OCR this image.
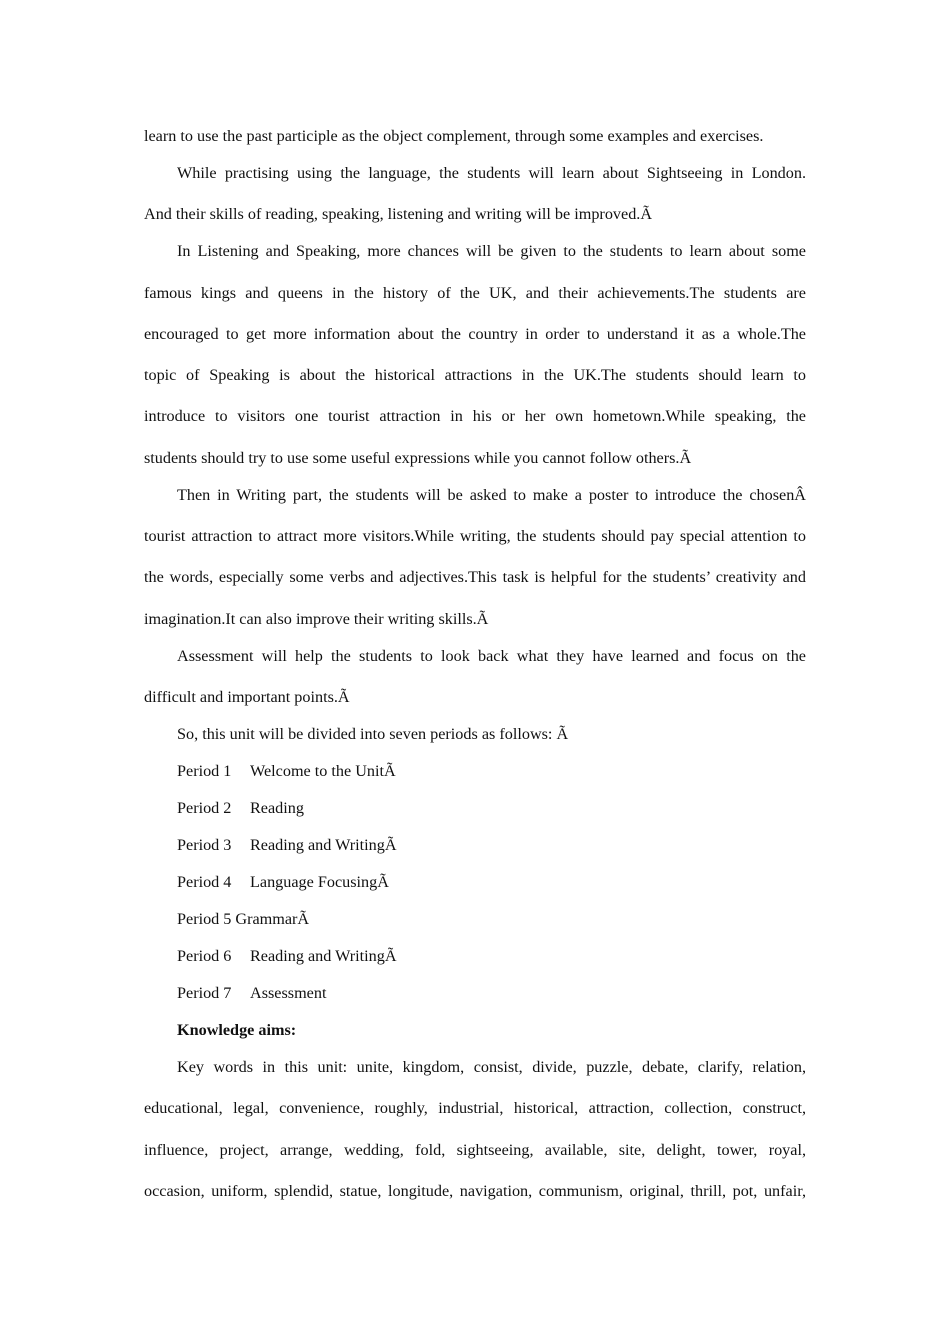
learn to use the past participle as the object complement, through some examples and exercises.
While practising using the language, the students will learn about Sightseeing in London.
And their skills of reading, speaking, listening and writing will be improved.Ã
In Listening and Speaking, more chances will be given to the students to learn about some
famous kings and queens in the history of the UK, and their achievements.The students are
encouraged to get more information about the country in order to understand it as a whole.The
topic of Speaking is about the historical attractions in the UK.The students should learn to
introduce to visitors one tourist attraction in his or her own hometown.While speaking, the
students should try to use some useful expressions while you cannot follow others.Ã
Then in Writing part, the students will be asked to make a poster to introduce the chosenÂ
tourist attraction to attract more visitors.While writing, the students should pay special attention to
the words, especially some verbs and adjectives.This task is helpful for the students’ creativity and
imagination.It can also improve their writing skills.Ã
Assessment will help the students to look back what they have learned and focus on the
difficult and important points.Ã
So, this unit will be divided into seven periods as follows: Ã
Period 1 Welcome to the UnitÃ
Period 2 Reading
Period 3 Reading and WritingÃ
Period 4 Language FocusingÃ
Period 5 GrammarÃ
Period 6 Reading and WritingÃ
Period 7 Assessment
Knowledge aims:
Key words in this unit: unite, kingdom, consist, divide, puzzle, debate, clarify, relation,
educational, legal, convenience, roughly, industrial, historical, attraction, collection, construct,
influence, project, arrange, wedding, fold, sightseeing, available, site, delight, tower, royal,
occasion, uniform, splendid, statue, longitude, navigation, communism, original, thrill, pot, unfair,
